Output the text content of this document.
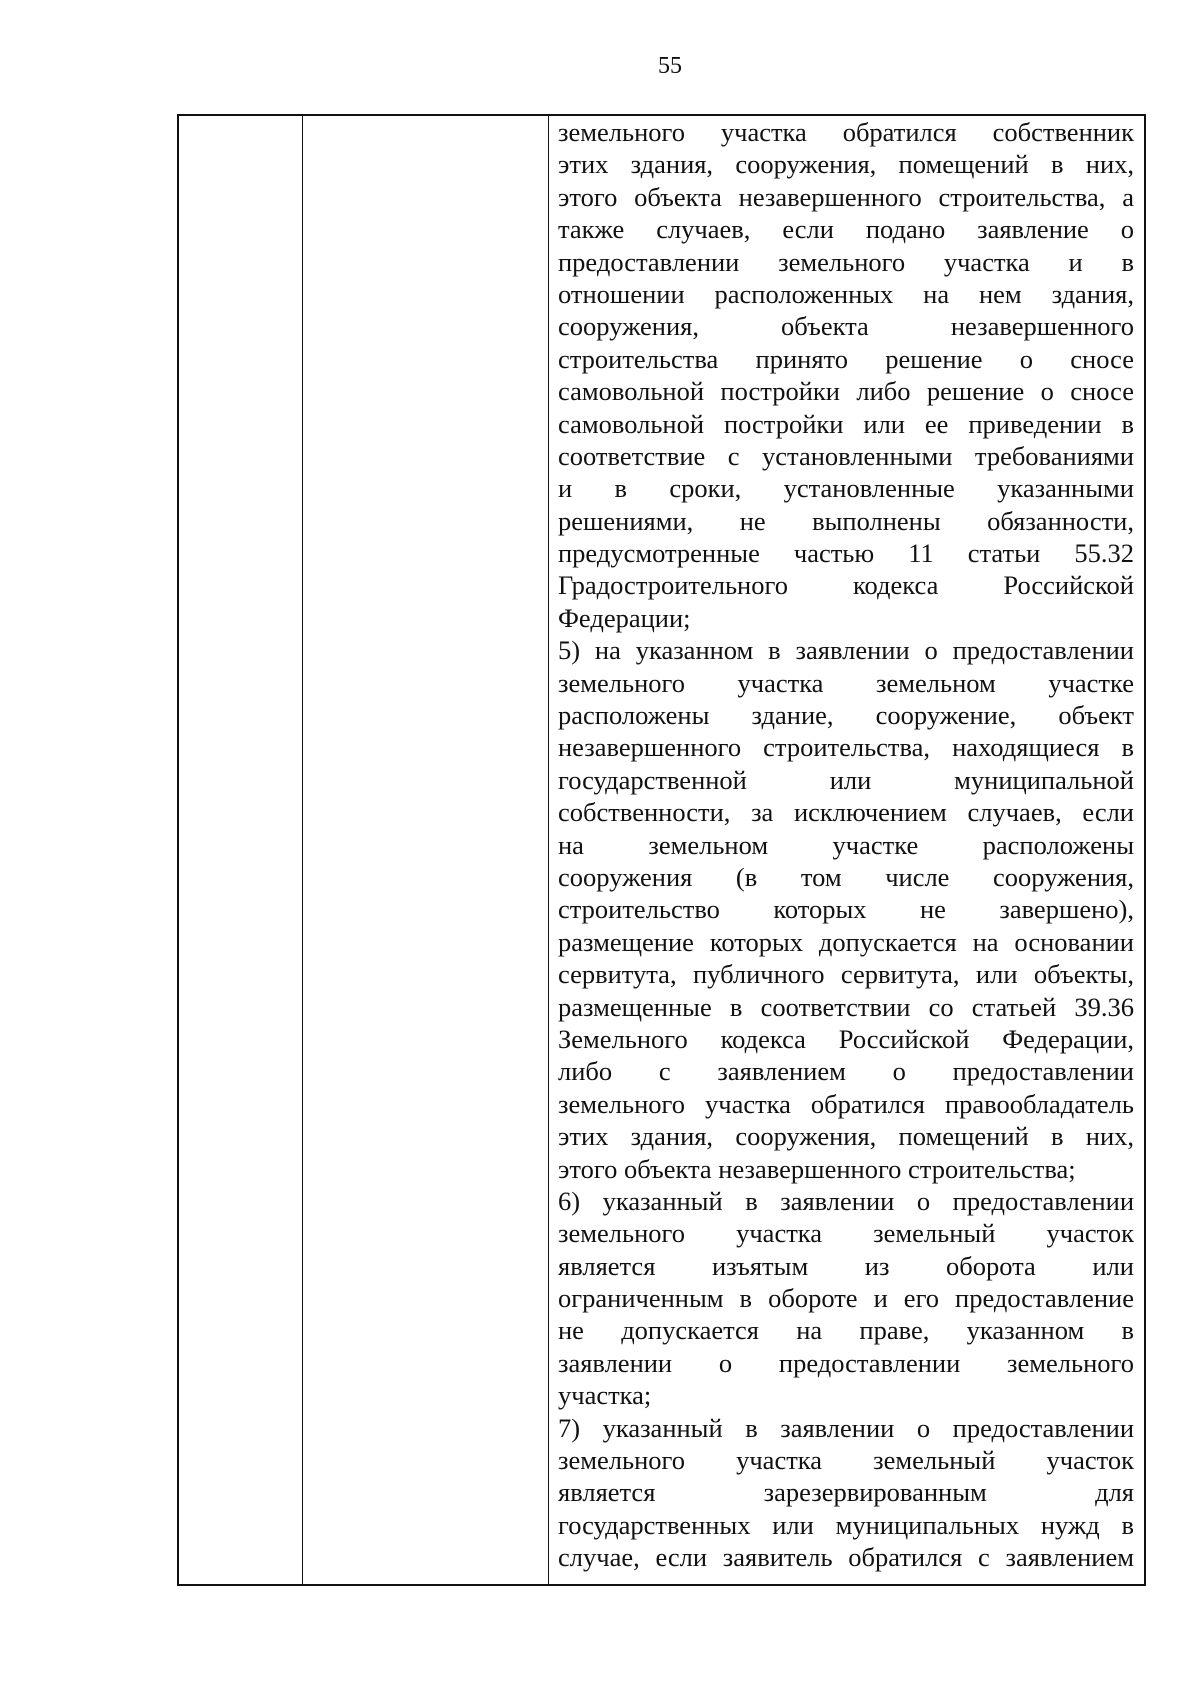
55
земельного участка обратился собственник
этих здания, сооружения, помещений в них,
этого объекта незавершенного строительства, а
также случаев, если подано заявление о
предоставлении земельного участка и в
отношении расположенных на нем здания,
сооружения, объекта незавершенного
строительства принято решение о сносе
самовольной постройки либо решение о сносе
самовольной постройки или ее приведении в
соответствие с установленными требованиями
и в сроки, установленные указанными
решениями, не выполнены обязанности,
предусмотренные частью 11 статьи 55.32
Градостроительного кодекса Российской
Федерации;
5) на указанном в заявлении о предоставлении
земельного участка земельном участке
расположены здание, сооружение, объект
незавершенного строительства, находящиеся в
государственной или муниципальной
собственности, за исключением случаев, если
на земельном участке расположены
сооружения (в том числе сооружения,
строительство которых не завершено),
размещение которых допускается на основании
сервитута, публичного сервитута, или объекты,
размещенные в соответствии со статьей 39.36
Земельного кодекса Российской Федерации,
либо с заявлением о предоставлении
земельного участка обратился правообладатель
этих здания, сооружения, помещений в них,
этого объекта незавершенного строительства;
6) указанный в заявлении о предоставлении
земельного участка земельный участок
является изъятым из оборота или
ограниченным в обороте и его предоставление
не допускается на праве, указанном в
заявлении о предоставлении земельного
участка;
7) указанный в заявлении о предоставлении
земельного участка земельный участок
является зарезервированным для
государственных или муниципальных нужд в
случае, если заявитель обратился с заявлением
